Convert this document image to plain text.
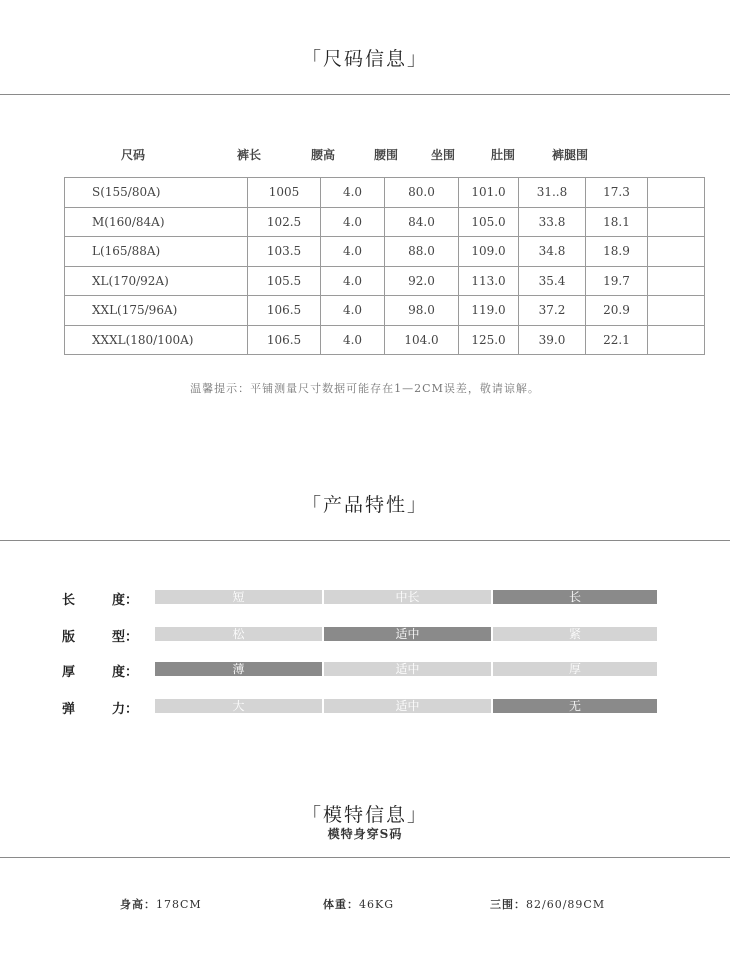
「尺码信息」
尺码	裤长	腰高	腰围	坐围	肚围	裤腿围
S(155/80A)	1005	4.0	80.0	101.0	31..8	17.3	
M(160/84A)	102.5	4.0	84.0	105.0	33.8	18.1	
L(165/88A)	103.5	4.0	88.0	109.0	34.8	18.9	
XL(170/92A)	105.5	4.0	92.0	113.0	35.4	19.7	
XXL(175/96A)	106.5	4.0	98.0	119.0	37.2	20.9	
XXXL(180/100A)	106.5	4.0	104.0	125.0	39.0	22.1	
温馨提示：平铺测量尺寸数据可能存在1—2CM误差，敬请谅解。
「产品特性」
长	度：	短	中长	长
版	型：	松	适中	紧
厚	度：	薄	适中	厚
弹	力：	大	适中	无
「模特信息」
模特身穿S码
身高：178CM	体重：46KG	三围：82/60/89CM
